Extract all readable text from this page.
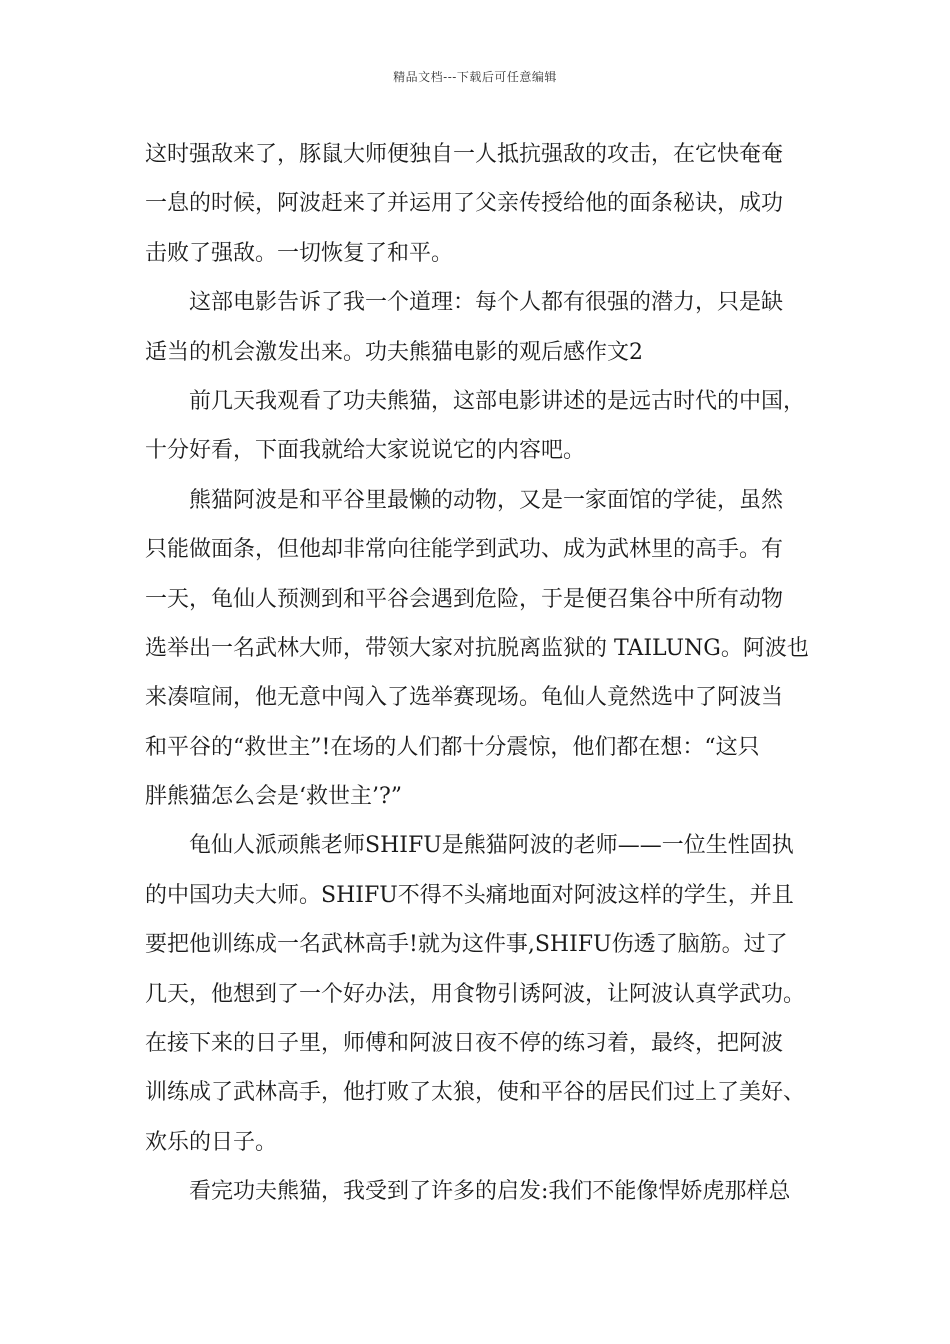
精品文档---下载后可任意编辑
这时强敌来了，豚鼠大师便独自一人抵抗强敌的攻击，在它快奄奄
一息的时候，阿波赶来了并运用了父亲传授给他的面条秘诀，成功
击败了强敌。一切恢复了和平。
这部电影告诉了我一个道理：每个人都有很强的潜力，只是缺
适当的机会激发出来。功夫熊猫电影的观后感作文2
前几天我观看了功夫熊猫，这部电影讲述的是远古时代的中国，
十分好看，下面我就给大家说说它的内容吧。
熊猫阿波是和平谷里最懒的动物，又是一家面馆的学徒，虽然
只能做面条，但他却非常向往能学到武功、成为武林里的高手。有
一天，龟仙人预测到和平谷会遇到危险，于是便召集谷中所有动物
选举出一名武林大师，带领大家对抗脱离监狱的 TAILUNG。阿波也
来凑喧闹，他无意中闯入了选举赛现场。龟仙人竟然选中了阿波当
和平谷的“救世主”!在场的人们都十分震惊，他们都在想：“这只
胖熊猫怎么会是‘救世主’?”
龟仙人派顽熊老师SHIFU是熊猫阿波的老师——一位生性固执
的中国功夫大师。SHIFU不得不头痛地面对阿波这样的学生，并且
要把他训练成一名武林高手!就为这件事,SHIFU伤透了脑筋。过了
几天，他想到了一个好办法，用食物引诱阿波，让阿波认真学武功。
在接下来的日子里，师傅和阿波日夜不停的练习着，最终，把阿波
训练成了武林高手，他打败了太狼，使和平谷的居民们过上了美好、
欢乐的日子。
看完功夫熊猫，我受到了许多的启发:我们不能像悍娇虎那样总
